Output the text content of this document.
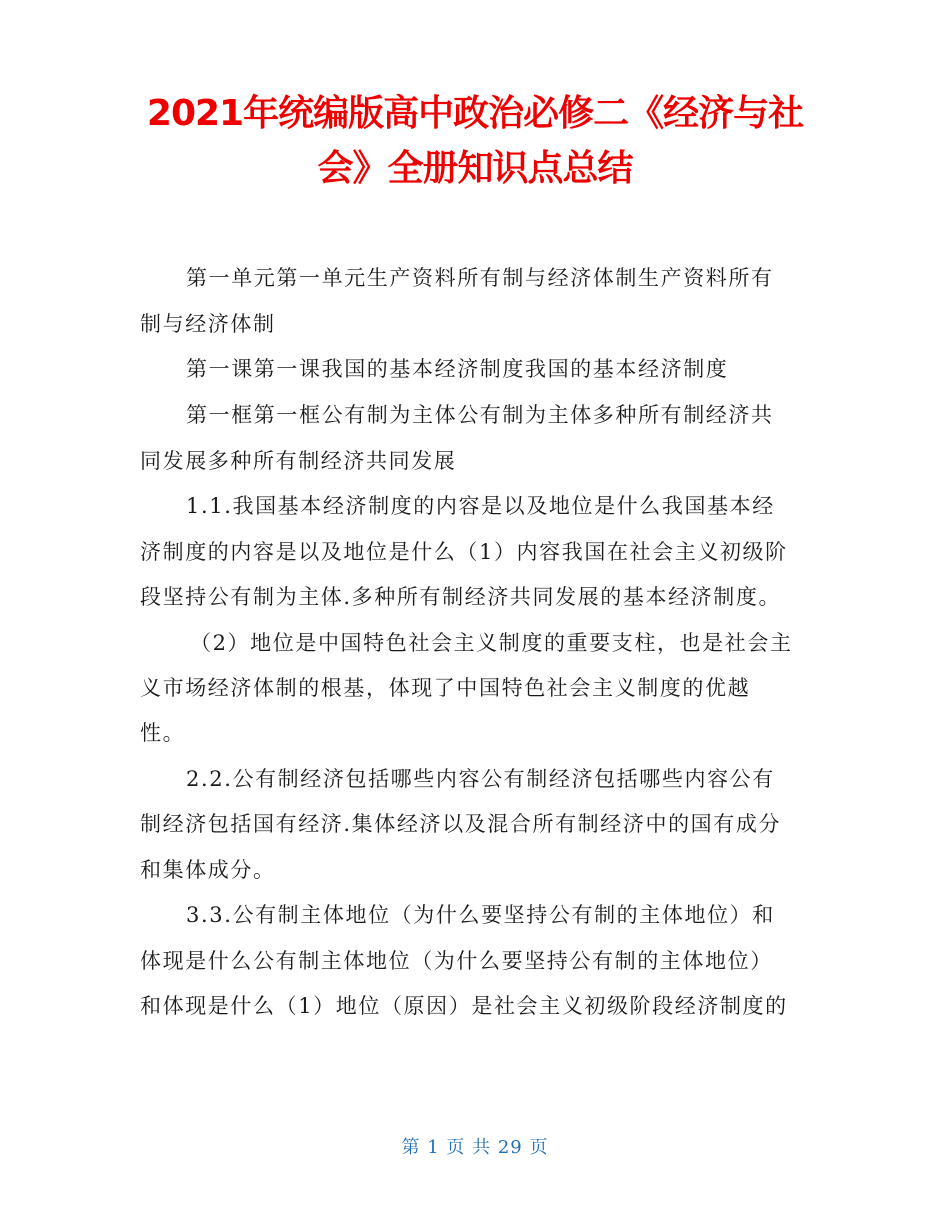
2021年统编版高中政治必修二《经济与社
会》全册知识点总结
第一单元第一单元生产资料所有制与经济体制生产资料所有
制与经济体制
第一课第一课我国的基本经济制度我国的基本经济制度
第一框第一框公有制为主体公有制为主体多种所有制经济共
同发展多种所有制经济共同发展
1.1.我国基本经济制度的内容是以及地位是什么我国基本经
济制度的内容是以及地位是什么（1）内容我国在社会主义初级阶
段坚持公有制为主体.多种所有制经济共同发展的基本经济制度。
（2）地位是中国特色社会主义制度的重要支柱，也是社会主
义市场经济体制的根基，体现了中国特色社会主义制度的优越
性。
2.2.公有制经济包括哪些内容公有制经济包括哪些内容公有
制经济包括国有经济.集体经济以及混合所有制经济中的国有成分
和集体成分。
3.3.公有制主体地位（为什么要坚持公有制的主体地位）和
体现是什么公有制主体地位（为什么要坚持公有制的主体地位）
和体现是什么（1）地位（原因）是社会主义初级阶段经济制度的
第 1 页 共 29 页
